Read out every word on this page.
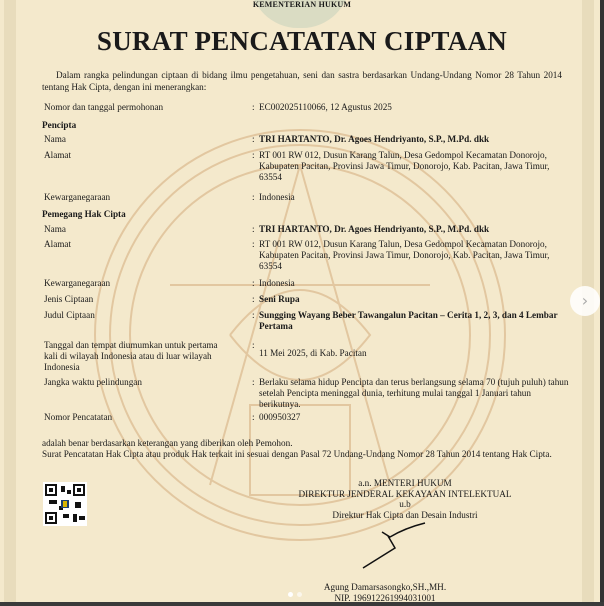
KEMENTERIAN HUKUM
SURAT PENCATATAN CIPTAAN
Dalam rangka pelindungan ciptaan di bidang ilmu pengetahuan, seni dan sastra berdasarkan Undang-Undang Nomor 28 Tahun 2014 tentang Hak Cipta, dengan ini menerangkan:
Nomor dan tanggal permohonan	EC002025110066, 12 Agustus 2025
:
Pencipta
Nama	TRI HARTANTO, Dr. Agoes Hendriyanto, S.P., M.Pd. dkk
:
Alamat	RT 001 RW 012, Dusun Karang Talun, Desa Gedompol Kecamatan Donorojo, Kabupaten Pacitan, Provinsi Jawa Timur, Donorojo, Kab. Pacitan, Jawa Timur, 63554
:
Kewarganegaraan	Indonesia
:
Pemegang Hak Cipta
Nama	TRI HARTANTO, Dr. Agoes Hendriyanto, S.P., M.Pd. dkk
:
Alamat	RT 001 RW 012, Dusun Karang Talun, Desa Gedompol Kecamatan Donorojo, Kabupaten Pacitan, Provinsi Jawa Timur, Donorojo, Kab. Pacitan, Jawa Timur, 63554
:
Kewarganegaraan	Indonesia
:
Jenis Ciptaan	Seni Rupa
:
Judul Ciptaan	Sungging Wayang Beber Tawangalun Pacitan – Cerita 1, 2, 3, dan 4 Lembar Pertama
:
Tanggal dan tempat diumumkan untuk pertama kali di wilayah Indonesia atau di luar wilayah Indonesia
11 Mei 2025, di Kab. Pacitan
:
Jangka waktu pelindungan	Berlaku selama hidup Pencipta dan terus berlangsung selama 70 (tujuh puluh) tahun setelah Pencipta meninggal dunia, terhitung mulai tanggal 1 Januari tahun berikutnya.
:
Nomor Pencatatan	000950327
:
adalah benar berdasarkan keterangan yang diberikan oleh Pemohon.
Surat Pencatatan Hak Cipta atau produk Hak terkait ini sesuai dengan Pasal 72 Undang-Undang Nomor 28 Tahun 2014 tentang Hak Cipta.
a.n. MENTERI HUKUM
DIREKTUR JENDERAL KEKAYAAN INTELEKTUAL
u.b
Direktur Hak Cipta dan Desain Industri
Agung Damarsasongko,SH.,MH.
NIP. 196912261994031001
›
